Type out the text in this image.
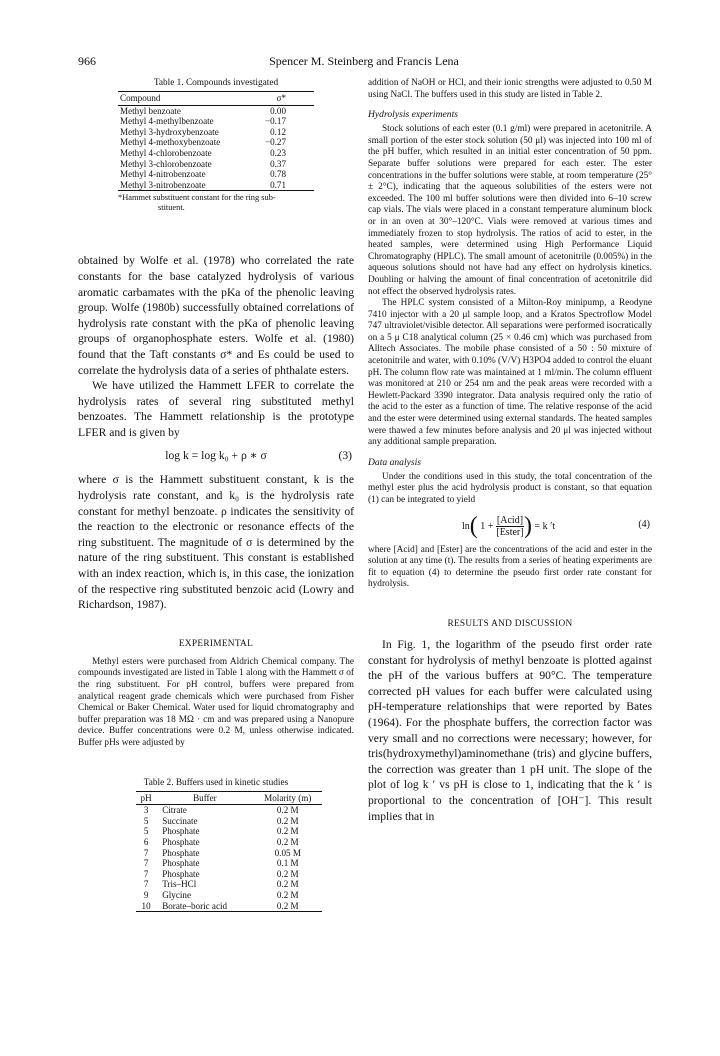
966	Spencer M. Steinberg and Francis Lena
Table 1. Compounds investigated
Compound	σ*
Methyl benzoate	0.00
Methyl 4-methylbenzoate	−0.17
Methyl 3-hydroxybenzoate	0.12
Methyl 4-methoxybenzoate	−0.27
Methyl 4-chlorobenzoate	0.23
Methyl 3-chlorobenzoate	0.37
Methyl 4-nitrobenzoate	0.78
Methyl 3-nitrobenzoate	0.71
*Hammet substituent constant for the ring sub-
stituent.

obtained by Wolfe et al. (1978) who correlated the rate constants for the base catalyzed hydrolysis of various aromatic carbamates with the pKa of the phenolic leaving group. Wolfe (1980b) successfully obtained correlations of hydrolysis rate constant with the pKa of phenolic leaving groups of organophosphate esters. Wolfe et al. (1980) found that the Taft constants σ* and Es could be used to correlate the hydrolysis data of a series of phthalate esters.

We have utilized the Hammett LFER to correlate the hydrolysis rates of several ring substituted methyl benzoates. The Hammett relationship is the prototype LFER and is given by

log k = log k₀ + ρ ∗ σ	(3)

where σ is the Hammett substituent constant, k is the hydrolysis rate constant, and k₀ is the hydrolysis rate constant for methyl benzoate. ρ indicates the sensitivity of the reaction to the electronic or resonance effects of the ring substituent. The magnitude of σ is determined by the nature of the ring substituent. This constant is established with an index reaction, which is, in this case, the ionization of the respective ring substituted benzoic acid (Lowry and Richardson, 1987).

EXPERIMENTAL

Methyl esters were purchased from Aldrich Chemical company. The compounds investigated are listed in Table 1 along with the Hammett σ of the ring substituent. For pH control, buffers were prepared from analytical reagent grade chemicals which were purchased from Fisher Chemical or Baker Chemical. Water used for liquid chromatography and buffer preparation was 18 MΩ · cm and was prepared using a Nanopure device. Buffer concentrations were 0.2 M, unless otherwise indicated. Buffer pHs were adjusted by

Table 2. Buffers used in kinetic studies
pH	Buffer	Molarity (m)
3	Citrate	0.2 M
5	Succinate	0.2 M
5	Phosphate	0.2 M
6	Phosphate	0.2 M
7	Phosphate	0.05 M
7	Phosphate	0.1 M
7	Phosphate	0.2 M
7	Tris–HCl	0.2 M
9	Glycine	0.2 M
10	Borate–boric acid	0.2 M

addition of NaOH or HCl, and their ionic strengths were adjusted to 0.50 M using NaCl. The buffers used in this study are listed in Table 2.

Hydrolysis experiments

Stock solutions of each ester (0.1 g/ml) were prepared in acetonitrile. A small portion of the ester stock solution (50 μl) was injected into 100 ml of the pH buffer, which resulted in an initial ester concentration of 50 ppm. Separate buffer solutions were prepared for each ester. The ester concentrations in the buffer solutions were stable, at room temperature (25° ± 2°C), indicating that the aqueous solubilities of the esters were not exceeded. The 100 ml buffer solutions were then divided into 6–10 screw cap vials. The vials were placed in a constant temperature aluminum block or in an oven at 30°–120°C. Vials were removed at various times and immediately frozen to stop hydrolysis. The ratios of acid to ester, in the heated samples, were determined using High Performance Liquid Chromatography (HPLC). The small amount of acetonitrile (0.005%) in the aqueous solutions should not have had any effect on hydrolysis kinetics. Doubling or halving the amount of final concentration of acetonitrile did not effect the observed hydrolysis rates.

The HPLC system consisted of a Milton-Roy minipump, a Reodyne 7410 injector with a 20 μl sample loop, and a Kratos Spectroflow Model 747 ultraviolet/visible detector. All separations were performed isocratically on a 5 μ C18 analytical column (25 × 0.46 cm) which was purchased from Alltech Associates. The mobile phase consisted of a 50 : 50 mixture of acetonitrile and water, with 0.10% (V/V) H3PO4 added to control the eluant pH. The column flow rate was maintained at 1 ml/min. The column effluent was monitored at 210 or 254 nm and the peak areas were recorded with a Hewlett-Packard 3390 integrator. Data analysis required only the ratio of the acid to the ester as a function of time. The relative response of the acid and the ester were determined using external standards. The heated samples were thawed a few minutes before analysis and 20 μl was injected without any additional sample preparation.

Data analysis

Under the conditions used in this study, the total concentration of the methyl ester plus the acid hydrolysis product is constant, so that equation (1) can be integrated to yield

ln( $1 + \frac{\text{[Acid]}}{\text{[Ester]}}$ ) = k ′t	(4)

where [Acid] and [Ester] are the concentrations of the acid and ester in the solution at any time (t). The results from a series of heating experiments are fit to equation (4) to determine the pseudo first order rate constant for hydrolysis.

RESULTS AND DISCUSSION

In Fig. 1, the logarithm of the pseudo first order rate constant for hydrolysis of methyl benzoate is plotted against the pH of the various buffers at 90°C. The temperature corrected pH values for each buffer were calculated using pH-temperature relationships that were reported by Bates (1964). For the phosphate buffers, the correction factor was very small and no corrections were necessary; however, for tris(hydroxymethyl)aminomethane (tris) and glycine buffers, the correction was greater than 1 pH unit. The slope of the plot of log k ′ vs pH is close to 1, indicating that the k ′ is proportional to the concentration of [OH⁻]. This result implies that in
